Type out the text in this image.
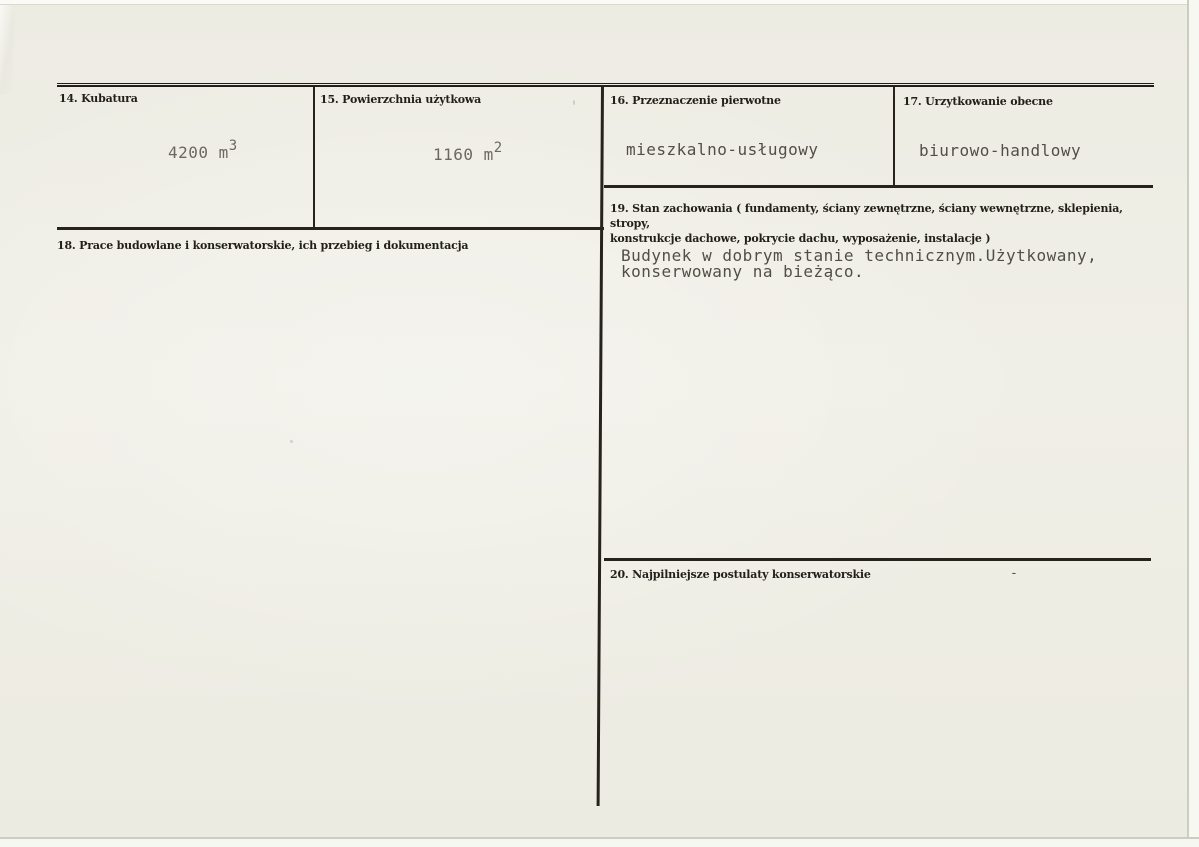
14. Kubatura
4200 m3
15. Powierzchnia użytkowa
1160 m2
16. Przeznaczenie pierwotne
mieszkalno-usługowy
17. Urzytkowanie obecne
biurowo-handlowy
18. Prace budowlane i konserwatorskie, ich przebieg i dokumentacja
19. Stan zachowania ( fundamenty, ściany zewnętrzne, ściany wewnętrzne, sklepienia, stropy,
konstrukcje dachowe, pokrycie dachu, wyposażenie, instalacje )
Budynek w dobrym stanie technicznym.Użytkowany,
konserwowany na bieżąco.
20. Najpilniejsze postulaty konserwatorskie	-
